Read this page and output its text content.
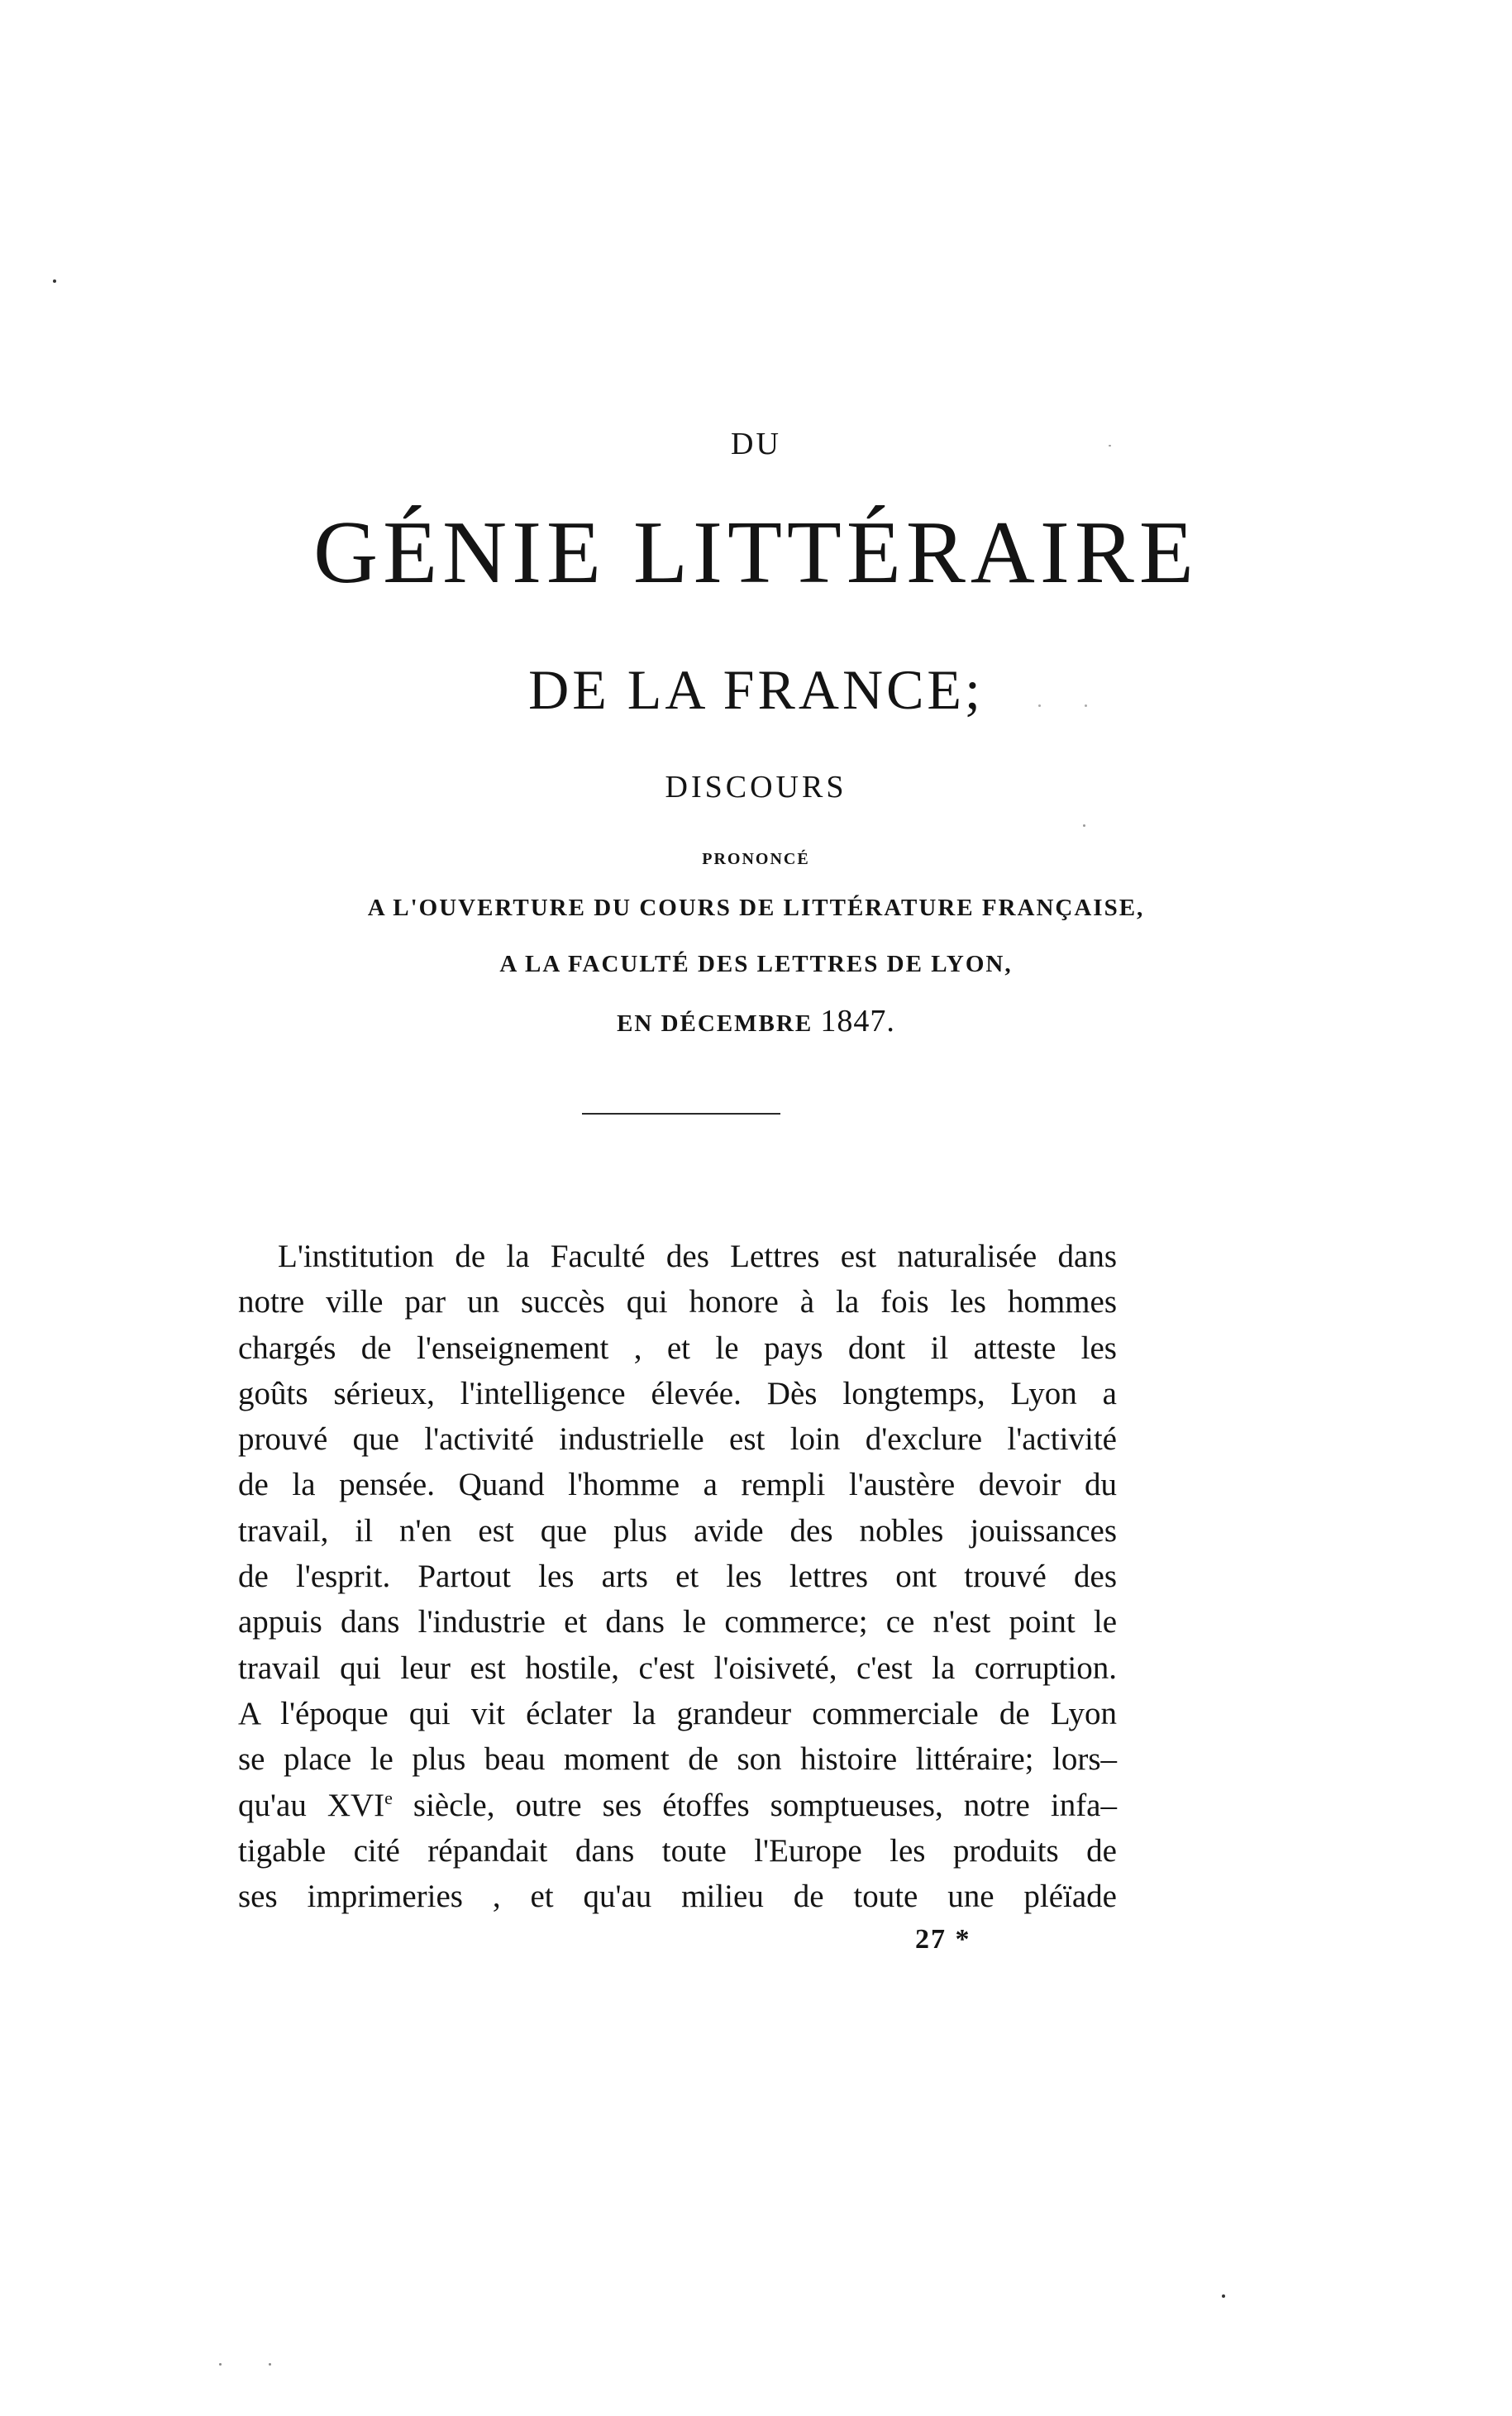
DU
GÉNIE LITTÉRAIRE
DE LA FRANCE;
DISCOURS
PRONONCÉ
A L'OUVERTURE DU COURS DE LITTÉRATURE FRANÇAISE,
A LA FACULTÉ DES LETTRES DE LYON,
EN DÉCEMBRE 1847.
L'institution de la Faculté des Lettres est naturalisée dans
notre ville par un succès qui honore à la fois les hommes
chargés de l'enseignement , et le pays dont il atteste les
goûts sérieux, l'intelligence élevée. Dès longtemps, Lyon a
prouvé que l'activité industrielle est loin d'exclure l'activité
de la pensée. Quand l'homme a rempli l'austère devoir du
travail, il n'en est que plus avide des nobles jouissances
de l'esprit. Partout les arts et les lettres ont trouvé des
appuis dans l'industrie et dans le commerce; ce n'est point le
travail qui leur est hostile, c'est l'oisiveté, c'est la corruption.
A l'époque qui vit éclater la grandeur commerciale de Lyon
se place le plus beau moment de son histoire littéraire; lors–
qu'au XVIe siècle, outre ses étoffes somptueuses, notre infa–
tigable cité répandait dans toute l'Europe les produits de
ses imprimeries , et qu'au milieu de toute une pléïade
27 *
